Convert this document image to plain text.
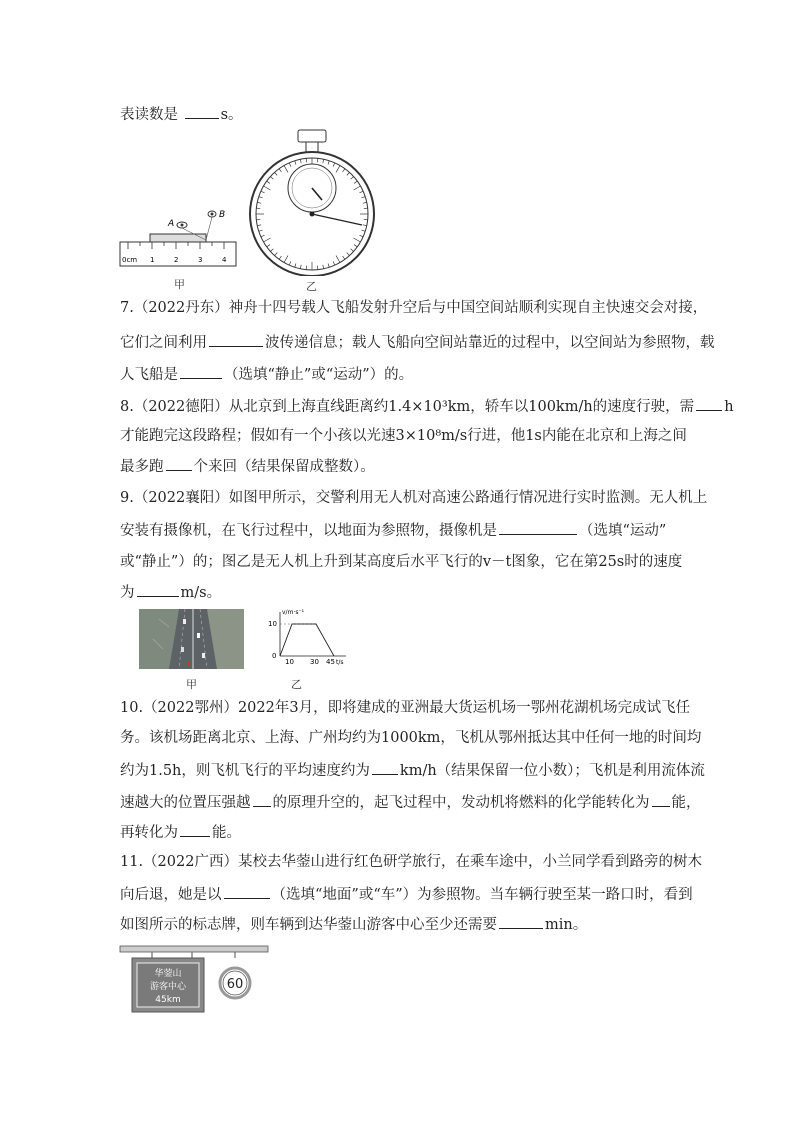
表读数是	s。
0cm 1	2	3	4
A
B
甲	乙
7.（2022丹东）神舟十四号载人飞船发射升空后与中国空间站顺利实现自主快速交会对接，
它们之间利用	波传递信息；载人飞船向空间站靠近的过程中，以空间站为参照物，载
人飞船是	（选填“静止”或“运动”）的。
8.（2022德阳）从北京到上海直线距离约1.4×10³km，轿车以100km/h的速度行驶，需 h
才能跑完这段路程；假如有一个小孩以光速3×10⁸m/s行进，他1s内能在北京和上海之间
最多跑 个来回（结果保留成整数）。
9.（2022襄阳）如图甲所示，交警利用无人机对高速公路通行情况进行实时监测。无人机上
安装有摄像机，在飞行过程中，以地面为参照物，摄像机是	（选填“运动”
或“静止”）的；图乙是无人机上升到某高度后水平飞行的v－t图象，它在第25s时的速度
为	m/s。
甲
v/m·s⁻¹
t/s
10
0
10 30 45
乙
10.（2022鄂州）2022年3月，即将建成的亚洲最大货运机场一鄂州花湖机场完成试飞任
务。该机场距离北京、上海、广州均约为1000km，飞机从鄂州抵达其中任何一地的时间均
约为1.5h，则飞机飞行的平均速度约为 km/h（结果保留一位小数）；飞机是利用流体流
速越大的位置压强越 的原理升空的，起飞过程中，发动机将燃料的化学能转化为 能，
再转化为 能。
11.（2022广西）某校去华蓥山进行红色研学旅行，在乘车途中，小兰同学看到路旁的树木
向后退，她是以	（选填“地面”或“车”）为参照物。当车辆行驶至某一路口时，看到
如图所示的标志牌，则车辆到达华蓥山游客中心至少还需要	min。
华蓥山
游客中心
45km
60
